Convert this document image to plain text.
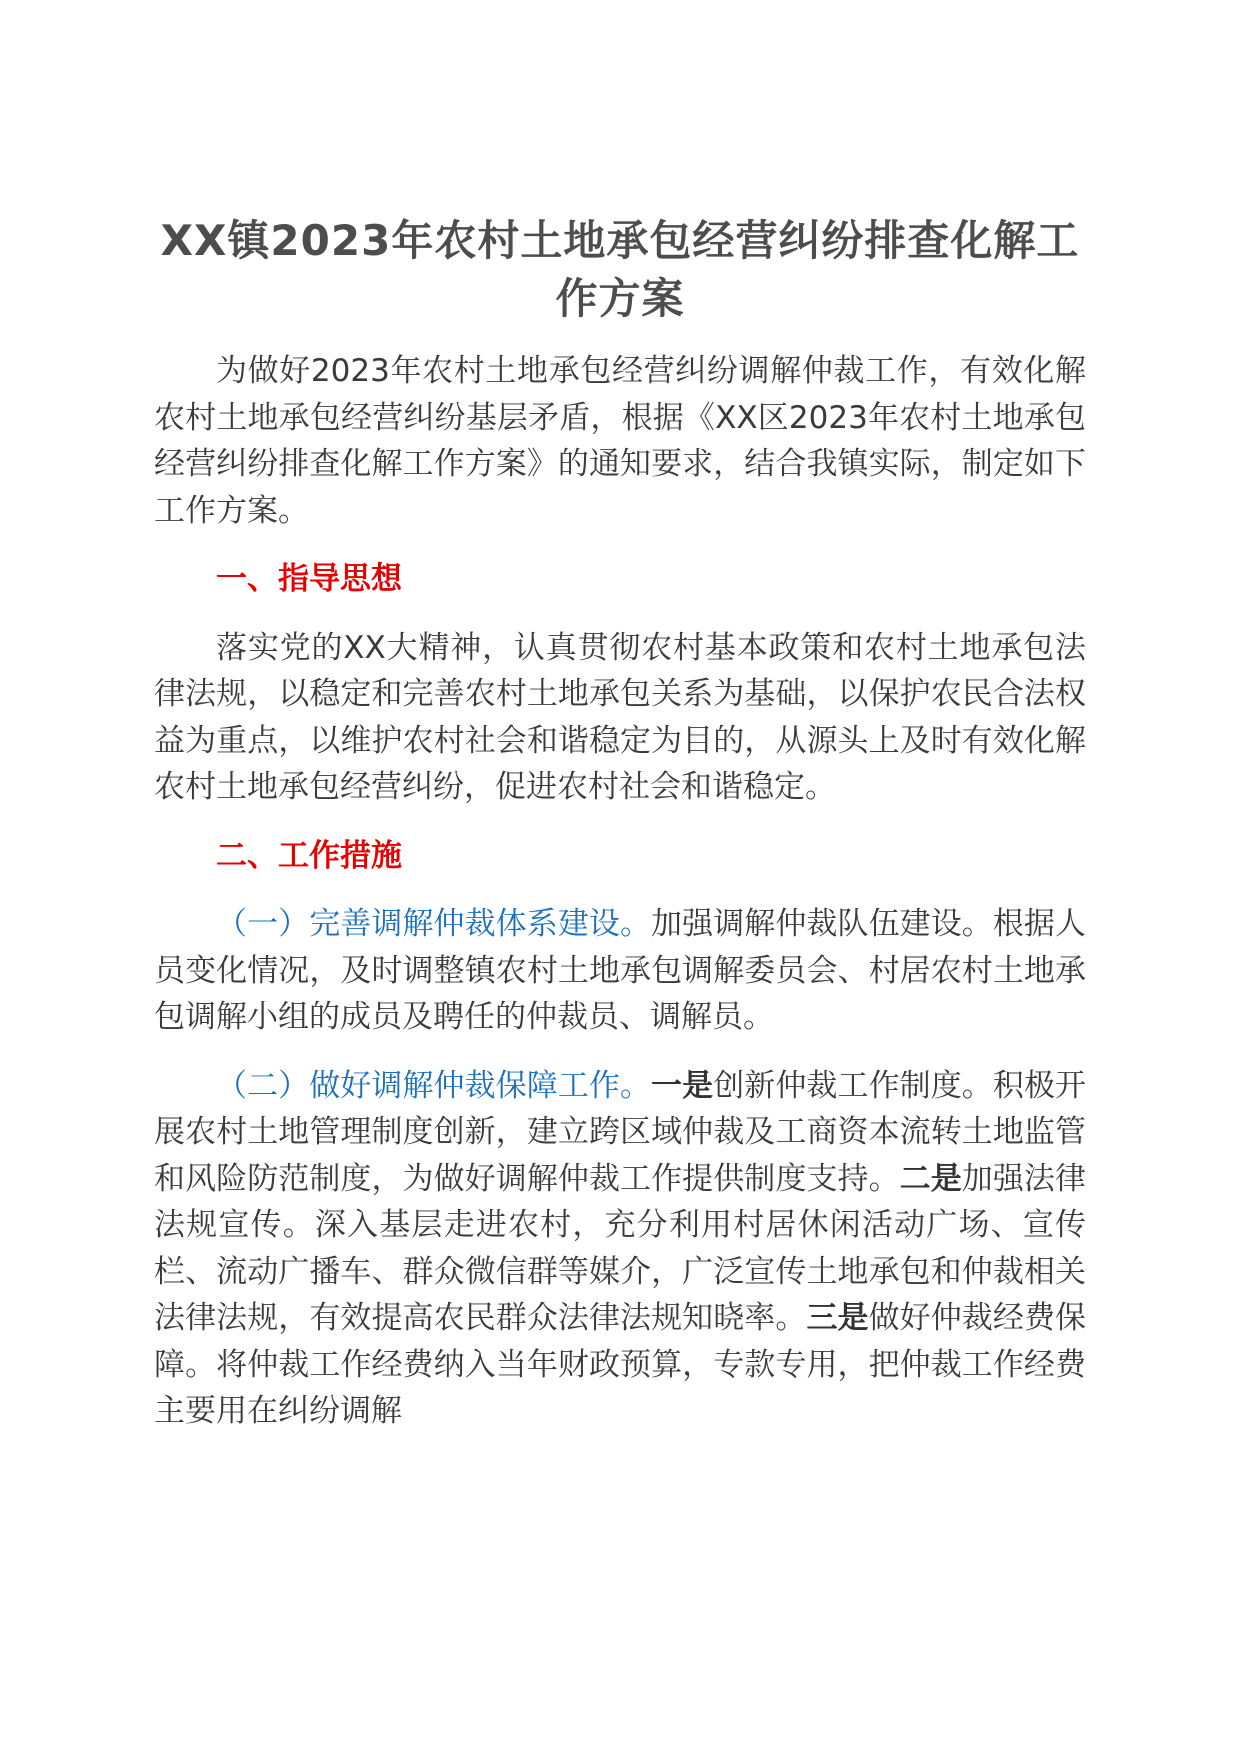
XX镇2023年农村土地承包经营纠纷排查化解工作方案

为做好2023年农村土地承包经营纠纷调解仲裁工作，有效化解农村土地承包经营纠纷基层矛盾，根据《XX区2023年农村土地承包经营纠纷排查化解工作方案》的通知要求，结合我镇实际，制定如下工作方案。

一、指导思想

落实党的XX大精神，认真贯彻农村基本政策和农村土地承包法律法规，以稳定和完善农村土地承包关系为基础，以保护农民合法权益为重点，以维护农村社会和谐稳定为目的，从源头上及时有效化解农村土地承包经营纠纷，促进农村社会和谐稳定。

二、工作措施

（一）完善调解仲裁体系建设。加强调解仲裁队伍建设。根据人员变化情况，及时调整镇农村土地承包调解委员会、村居农村土地承包调解小组的成员及聘任的仲裁员、调解员。

（二）做好调解仲裁保障工作。一是创新仲裁工作制度。积极开展农村土地管理制度创新，建立跨区域仲裁及工商资本流转土地监管和风险防范制度，为做好调解仲裁工作提供制度支持。二是加强法律法规宣传。深入基层走进农村，充分利用村居休闲活动广场、宣传栏、流动广播车、群众微信群等媒介，广泛宣传土地承包和仲裁相关法律法规，有效提高农民群众法律法规知晓率。三是做好仲裁经费保障。将仲裁工作经费纳入当年财政预算，专款专用，把仲裁工作经费主要用在纠纷调解
